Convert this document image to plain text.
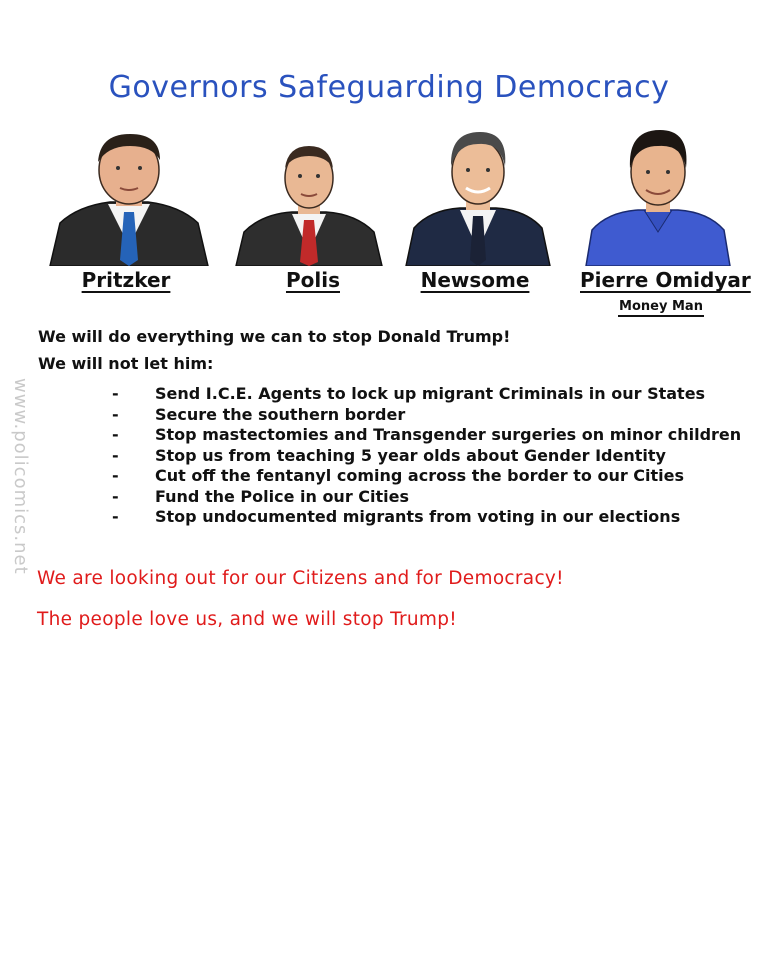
Governors Safeguarding Democracy
Pritzker	Polis	Newsome	Pierre Omidyar
Money Man
We will do everything we can to stop Donald Trump!
We will not let him:
- Send I.C.E. Agents to lock up migrant Criminals in our States
- Secure the southern border
- Stop mastectomies and Transgender surgeries on minor children
- Stop us from teaching 5 year olds about Gender Identity
- Cut off the fentanyl coming across the border to our Cities
- Fund the Police in our Cities
- Stop undocumented migrants from voting in our elections
We are looking out for our Citizens and for Democracy!
The people love us, and we will stop Trump!
www.policomics.net
